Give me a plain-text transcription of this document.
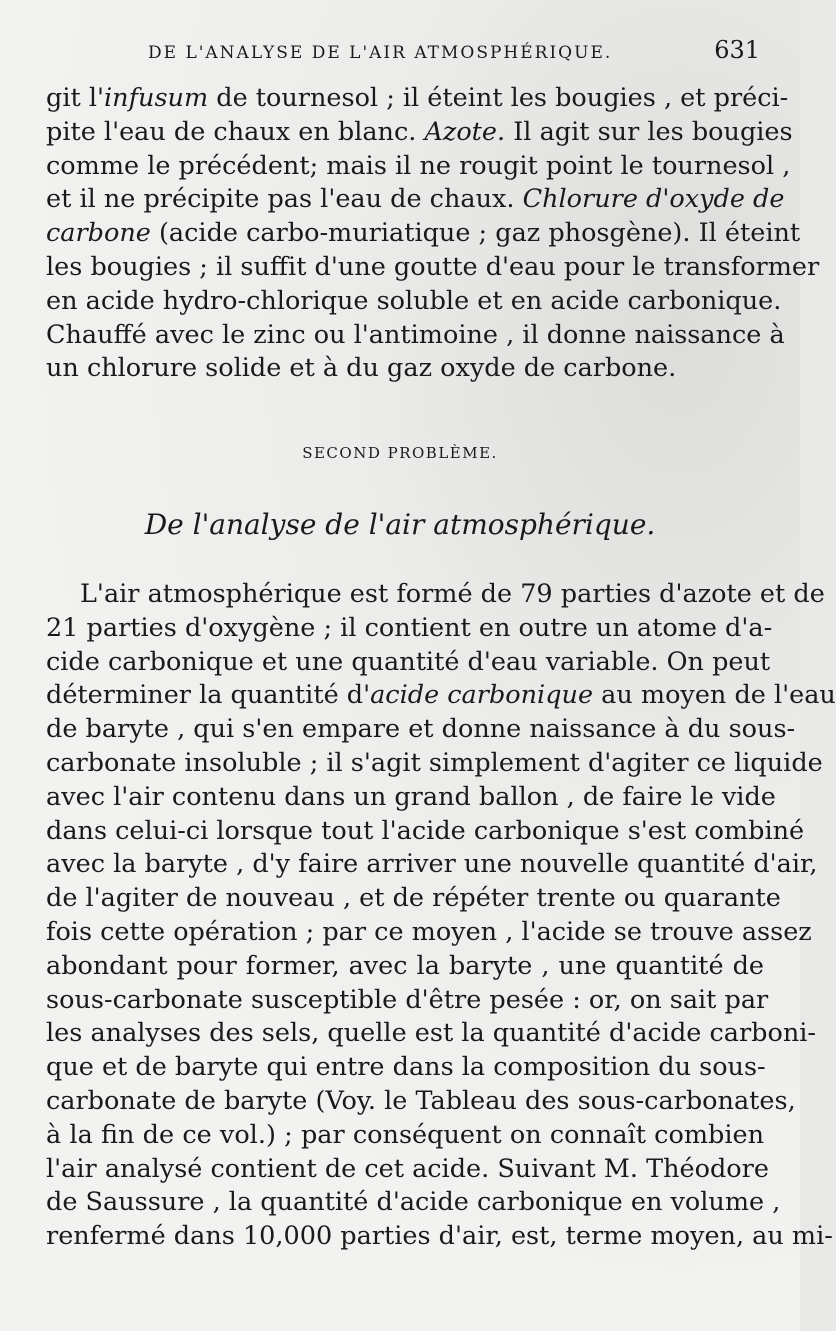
DE L'ANALYSE DE L'AIR ATMOSPHÉRIQUE.	631
git l'infusum de tournesol ; il éteint les bougies , et préci-
pite l'eau de chaux en blanc. Azote. Il agit sur les bougies
comme le précédent; mais il ne rougit point le tournesol ,
et il ne précipite pas l'eau de chaux. Chlorure d'oxyde de
carbone (acide carbo-muriatique ; gaz phosgène). Il éteint
les bougies ; il suffit d'une goutte d'eau pour le transformer
en acide hydro-chlorique soluble et en acide carbonique.
Chauffé avec le zinc ou l'antimoine , il donne naissance à
un chlorure solide et à du gaz oxyde de carbone.
SECOND PROBLÈME.
De l'analyse de l'air atmosphérique.
L'air atmosphérique est formé de 79 parties d'azote et de
21 parties d'oxygène ; il contient en outre un atome d'a-
cide carbonique et une quantité d'eau variable. On peut
déterminer la quantité d'acide carbonique au moyen de l'eau
de baryte , qui s'en empare et donne naissance à du sous-
carbonate insoluble ; il s'agit simplement d'agiter ce liquide
avec l'air contenu dans un grand ballon , de faire le vide
dans celui-ci lorsque tout l'acide carbonique s'est combiné
avec la baryte , d'y faire arriver une nouvelle quantité d'air,
de l'agiter de nouveau , et de répéter trente ou quarante
fois cette opération ; par ce moyen , l'acide se trouve assez
abondant pour former, avec la baryte , une quantité de
sous-carbonate susceptible d'être pesée : or, on sait par
les analyses des sels, quelle est la quantité d'acide carboni-
que et de baryte qui entre dans la composition du sous-
carbonate de baryte (Voy. le Tableau des sous-carbonates,
à la fin de ce vol.) ; par conséquent on connaît combien
l'air analysé contient de cet acide. Suivant M. Théodore
de Saussure , la quantité d'acide carbonique en volume ,
renfermé dans 10,000 parties d'air, est, terme moyen, au mi-
